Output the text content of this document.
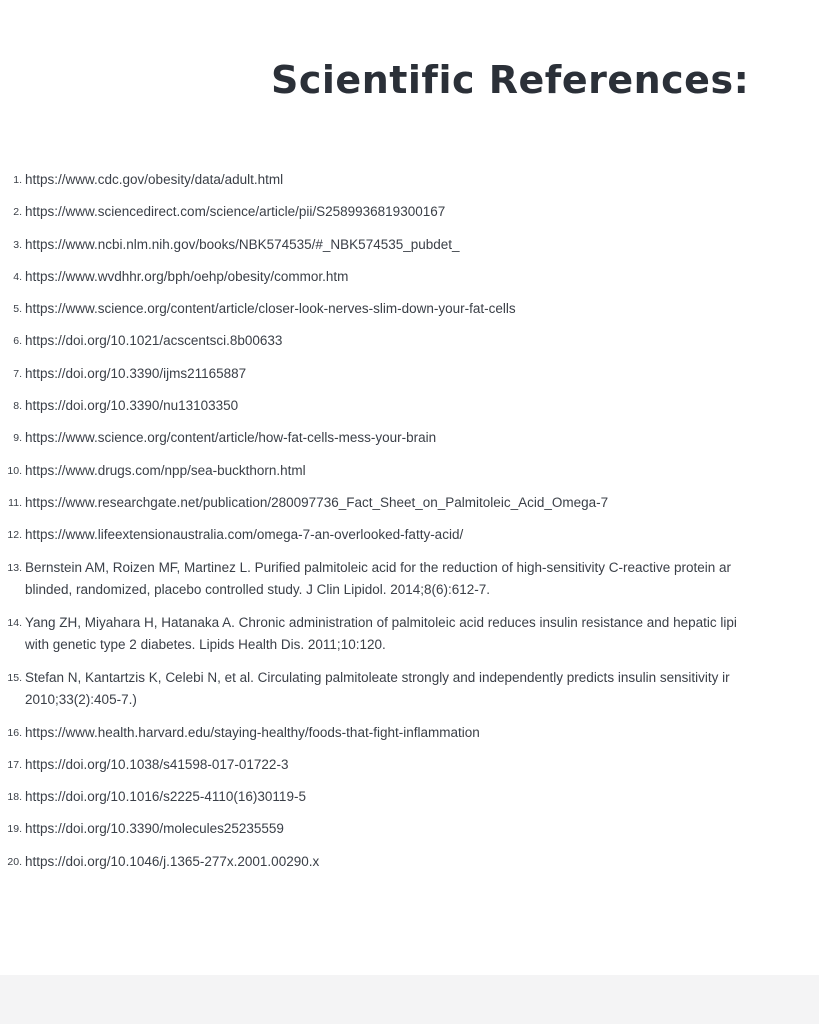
Scientific References:
1. https://www.cdc.gov/obesity/data/adult.html
2. https://www.sciencedirect.com/science/article/pii/S2589936819300167
3. https://www.ncbi.nlm.nih.gov/books/NBK574535/#_NBK574535_pubdet_
4. https://www.wvdhhr.org/bph/oehp/obesity/commor.htm
5. https://www.science.org/content/article/closer-look-nerves-slim-down-your-fat-cells
6. https://doi.org/10.1021/acscentsci.8b00633
7. https://doi.org/10.3390/ijms21165887
8. https://doi.org/10.3390/nu13103350
9. https://www.science.org/content/article/how-fat-cells-mess-your-brain
10. https://www.drugs.com/npp/sea-buckthorn.html
11. https://www.researchgate.net/publication/280097736_Fact_Sheet_on_Palmitoleic_Acid_Omega-7
12. https://www.lifeextensionaustralia.com/omega-7-an-overlooked-fatty-acid/
13. Bernstein AM, Roizen MF, Martinez L. Purified palmitoleic acid for the reduction of high-sensitivity C-reactive protein ar
blinded, randomized, placebo controlled study. J Clin Lipidol. 2014;8(6):612-7.
14. Yang ZH, Miyahara H, Hatanaka A. Chronic administration of palmitoleic acid reduces insulin resistance and hepatic lipi
with genetic type 2 diabetes. Lipids Health Dis. 2011;10:120.
15. Stefan N, Kantartzis K, Celebi N, et al. Circulating palmitoleate strongly and independently predicts insulin sensitivity ir
2010;33(2):405-7.)
16. https://www.health.harvard.edu/staying-healthy/foods-that-fight-inflammation
17. https://doi.org/10.1038/s41598-017-01722-3
18. https://doi.org/10.1016/s2225-4110(16)30119-5
19. https://doi.org/10.3390/molecules25235559
20. https://doi.org/10.1046/j.1365-277x.2001.00290.x
